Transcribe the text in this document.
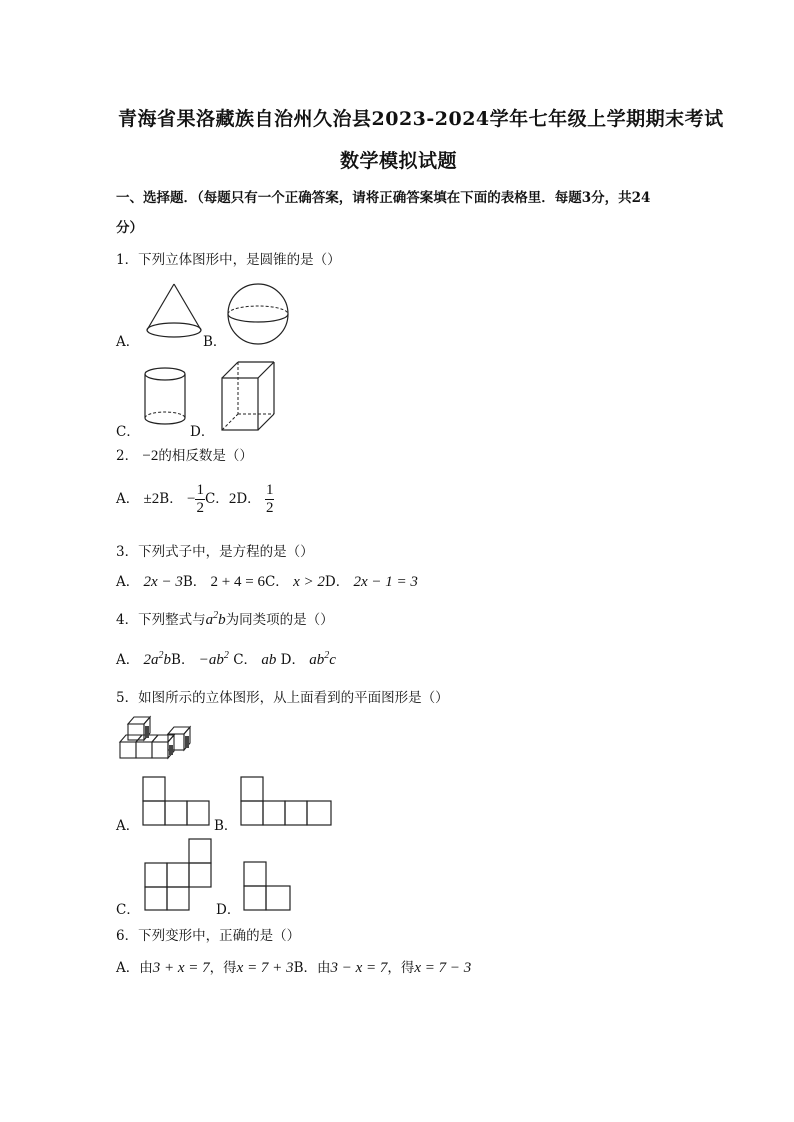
青海省果洛藏族自治州久治县2023-2024学年七年级上学期期末考试
数学模拟试题
一、选择题．（每题只有一个正确答案，请将正确答案填在下面的表格里．每题3分，共24
分）
1．下列立体图形中，是圆锥的是（）
A．	B．
C．	D．
2． −2的相反数是（）
A． ±2B． − $\frac{1}{2}$ C．2D． $\frac{1}{2}$
3．下列式子中，是方程的是（）
A． 2x − 3B． 2 + 4 = 6C． x > 2D． 2x − 1 = 3
4．下列整式与$a^2b$为同类项的是（）
A． $2a^2bB$． $-ab^2$ C． ab D． $ab^2c$
5．如图所示的立体图形，从上面看到的平面图形是（）
A．	B．
C．	D．
6．下列变形中，正确的是（）
A．由3 + x = 7，得x = 7 + 3B．由3 − x = 7，得x = 7 − 3
